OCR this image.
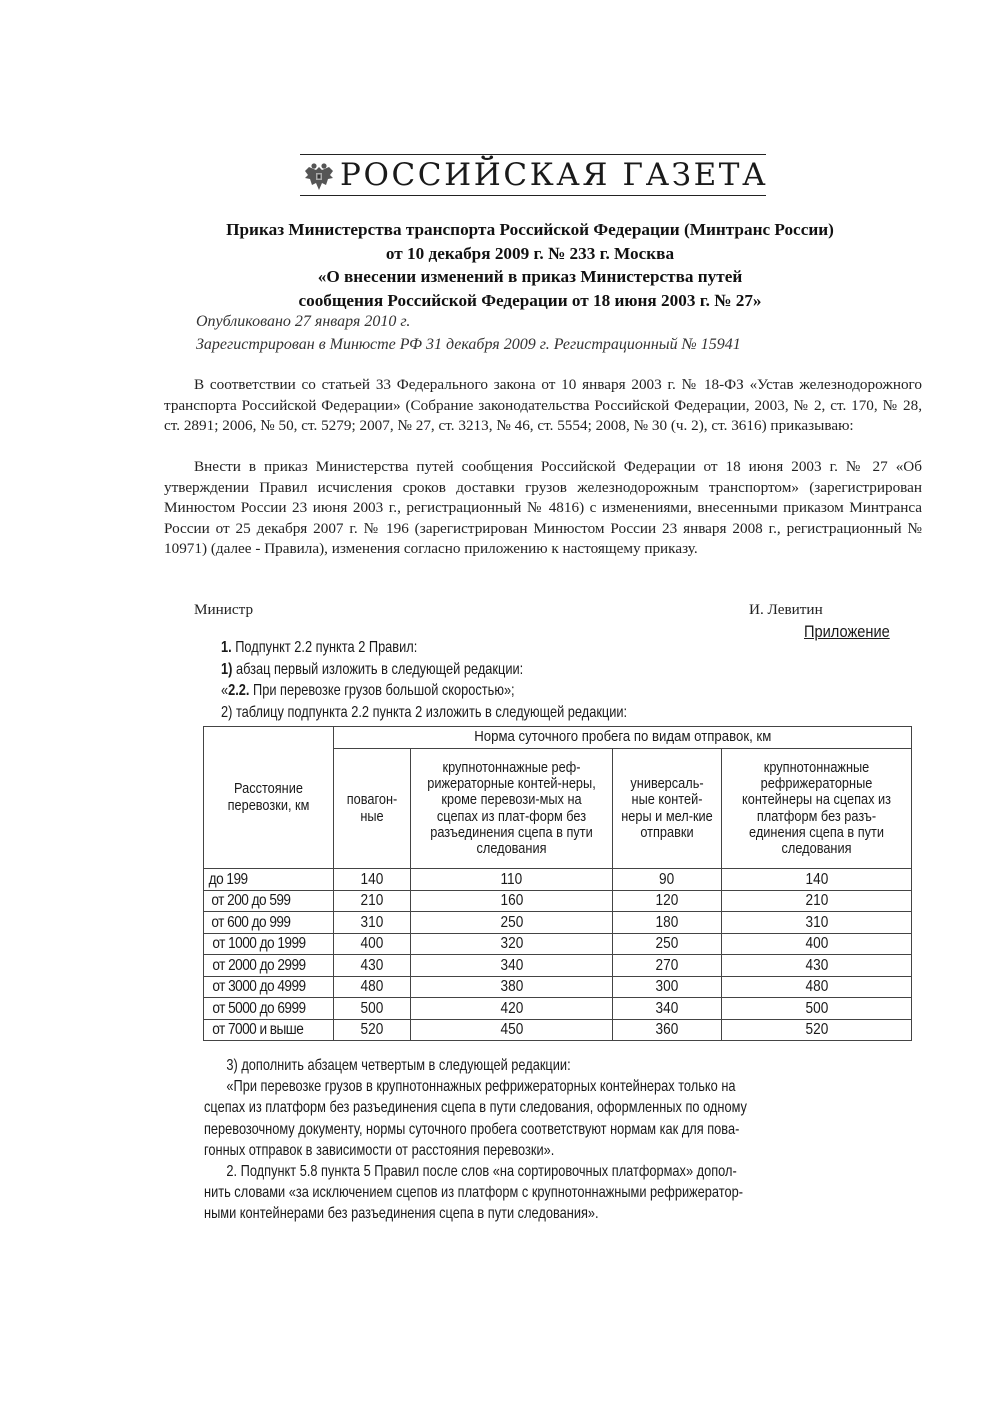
РОССИЙСКАЯ ГАЗЕТА
Приказ Министерства транспорта Российской Федерации (Минтранс России)
от 10 декабря 2009 г. № 233 г. Москва
«О внесении изменений в приказ Министерства путей
сообщения Российской Федерации от 18 июня 2003 г. № 27»
Опубликовано 27 января 2010 г.
Зарегистрирован в Минюсте РФ 31 декабря 2009 г. Регистрационный № 15941
В соответствии со статьей 33 Федерального закона от 10 января 2003 г. № 18-ФЗ «Устав железнодорожного транспорта Российской Федерации» (Собрание законодательства Российской Федерации, 2003, № 2, ст. 170, № 28, ст. 2891; 2006, № 50, ст. 5279; 2007, № 27, ст. 3213, № 46, ст. 5554; 2008, № 30 (ч. 2), ст. 3616) приказываю:
Внести в приказ Министерства путей сообщения Российской Федерации от 18 июня 2003 г. № 27 «Об утверждении Правил исчисления сроков доставки грузов железнодорожным транспортом» (зарегистрирован Минюстом России 23 июня 2003 г., регистрационный № 4816) с изменениями, внесенными приказом Минтранса России от 25 декабря 2007 г. № 196 (зарегистрирован Минюстом России 23 января 2008 г., регистрационный № 10971) (далее - Правила), изменения согласно приложению к настоящему приказу.
Министр	И. Левитин
Приложение
1. Подпункт 2.2 пункта 2 Правил:
1) абзац первый изложить в следующей редакции:
«2.2. При перевозке грузов большой скоростью»;
2) таблицу подпункта 2.2 пункта 2 изложить в следующей редакции:
Расстояние перевозки, км	Норма суточного пробега по видам отправок, км			
	повагон-ные	крупнотоннажные реф-рижераторные контей-неры, кроме перевози-мых на сцепах из плат-форм без разъединения сцепа в пути следования	универсаль-ные контей-неры и мел-кие отправки	крупнотоннажные рефрижераторные контейнеры на сцепах из платформ без разъ-единения сцепа в пути следования
до 199	140	110	90	140
от 200 до 599	210	160	120	210
от 600 до 999	310	250	180	310
от 1000 до 1999	400	320	250	400
от 2000 до 2999	430	340	270	430
от 3000 до 4999	480	380	300	480
от 5000 до 6999	500	420	340	500
от 7000 и выше	520	450	360	520
3) дополнить абзацем четвертым в следующей редакции:
«При перевозке грузов в крупнотоннажных рефрижераторных контейнерах только на
сцепах из платформ без разъединения сцепа в пути следования, оформленных по одному
перевозочному документу, нормы суточного пробега соответствуют нормам как для пова-
гонных отправок в зависимости от расстояния перевозки».
2. Подпункт 5.8 пункта 5 Правил после слов «на сортировочных платформах» допол-
нить словами «за исключением сцепов из платформ с крупнотоннажными рефрижератор-
ными контейнерами без разъединения сцепа в пути следования».
